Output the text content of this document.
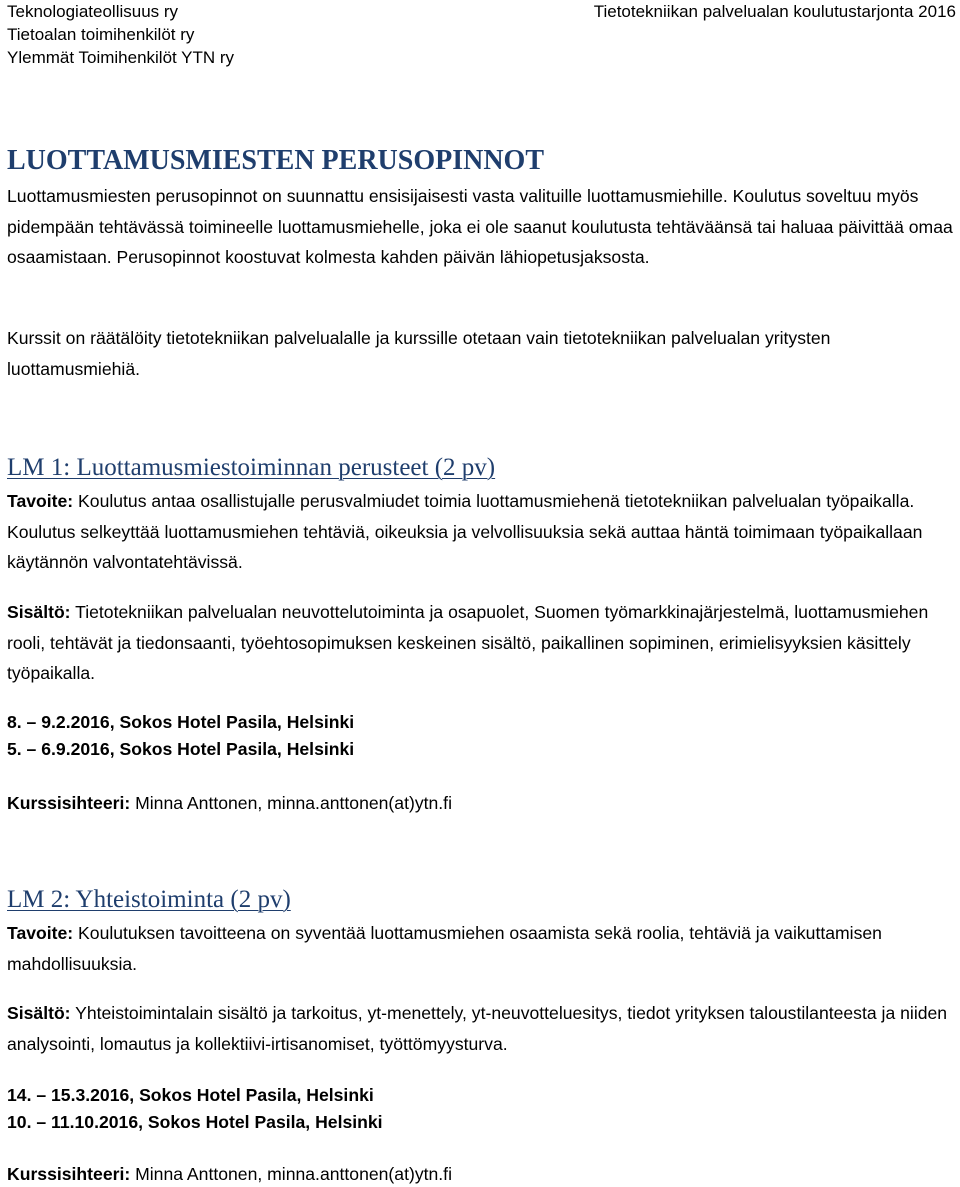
Teknologiateollisuus ry
Tietoalan toimihenkilöt ry
Ylemmät Toimihenkilöt YTN ry
Tietotekniikan palvelualan koulutustarjonta 2016
LUOTTAMUSMIESTEN PERUSOPINNOT
Luottamusmiesten perusopinnot on suunnattu ensisijaisesti vasta valituille luottamusmiehille. Koulutus soveltuu myös pidempään tehtävässä toimineelle luottamusmiehelle, joka ei ole saanut koulutusta tehtäväänsä tai haluaa päivittää omaa osaamistaan. Perusopinnot koostuvat kolmesta kahden päivän lähiopetusjaksosta.
Kurssit on räätälöity tietotekniikan palvelualalle ja kurssille otetaan vain tietotekniikan palvelualan yritysten luottamusmiehiä.
LM 1: Luottamusmiestoiminnan perusteet (2 pv)
Tavoite: Koulutus antaa osallistujalle perusvalmiudet toimia luottamusmiehenä tietotekniikan palvelualan työpaikalla. Koulutus selkeyttää luottamusmiehen tehtäviä, oikeuksia ja velvollisuuksia sekä auttaa häntä toimimaan työpaikallaan käytännön valvontatehtävissä.
Sisältö: Tietotekniikan palvelualan neuvottelutoiminta ja osapuolet, Suomen työmarkkinajärjestelmä, luottamusmiehen rooli, tehtävät ja tiedonsaanti, työehtosopimuksen keskeinen sisältö, paikallinen sopiminen, erimielisyyksien käsittely työpaikalla.
8. – 9.2.2016, Sokos Hotel Pasila, Helsinki
5. – 6.9.2016, Sokos Hotel Pasila, Helsinki
Kurssisihteeri: Minna Anttonen, minna.anttonen(at)ytn.fi
LM 2: Yhteistoiminta (2 pv)
Tavoite: Koulutuksen tavoitteena on syventää luottamusmiehen osaamista sekä roolia, tehtäviä ja vaikuttamisen mahdollisuuksia.
Sisältö: Yhteistoimintalain sisältö ja tarkoitus, yt-menettely, yt-neuvotteluesitys, tiedot yrityksen taloustilanteesta ja niiden analysointi, lomautus ja kollektiivi-irtisanomiset, työttömyysturva.
14. – 15.3.2016, Sokos Hotel Pasila, Helsinki
10. – 11.10.2016, Sokos Hotel Pasila, Helsinki
Kurssisihteeri: Minna Anttonen, minna.anttonen(at)ytn.fi
